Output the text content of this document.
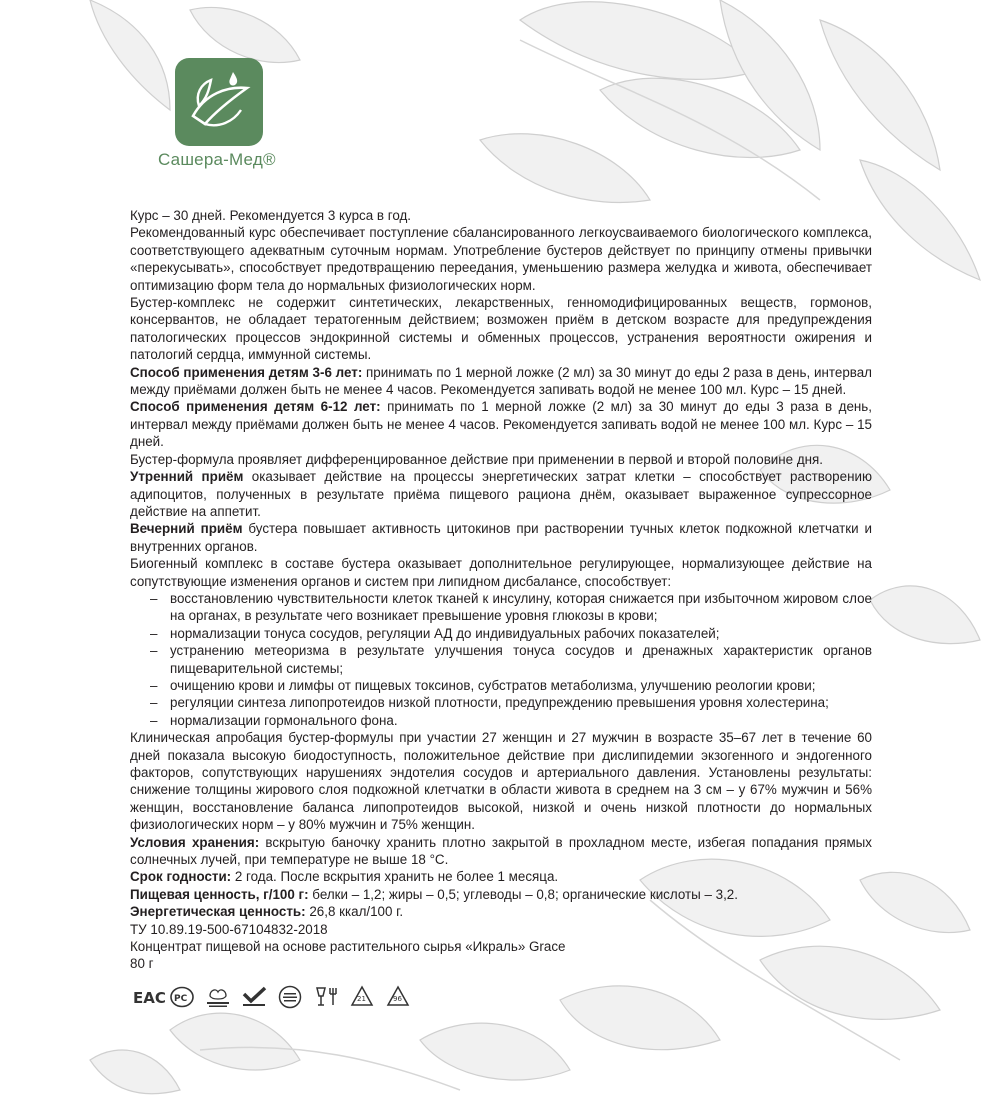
Сашера-Мед®

Курс – 30 дней. Рекомендуется 3 курса в год.

Рекомендованный курс обеспечивает поступление сбалансированного легкоусваиваемого биологического комплекса, соответствующего адекватным суточным нормам. Употребление бустеров действует по принципу отмены привычки «перекусывать», способствует предотвращению переедания, уменьшению размера желудка и живота, обеспечивает оптимизацию форм тела до нормальных физиологических норм.

Бустер-комплекс не содержит синтетических, лекарственных, генномодифицированных веществ, гормонов, консервантов, не обладает тератогенным действием; возможен приём в детском возрасте для предупреждения патологических процессов эндокринной системы и обменных процессов, устранения вероятности ожирения и патологий сердца, иммунной системы.

Способ применения детям 3-6 лет: принимать по 1 мерной ложке (2 мл) за 30 минут до еды 2 раза в день, интервал между приёмами должен быть не менее 4 часов. Рекомендуется запивать водой не менее 100 мл. Курс – 15 дней.

Способ применения детям 6-12 лет: принимать по 1 мерной ложке (2 мл) за 30 минут до еды 3 раза в день, интервал между приёмами должен быть не менее 4 часов. Рекомендуется запивать водой не менее 100 мл. Курс – 15 дней.

Бустер-формула проявляет дифференцированное действие при применении в первой и второй половине дня.

Утренний приём оказывает действие на процессы энергетических затрат клетки – способствует растворению адипоцитов, полученных в результате приёма пищевого рациона днём, оказывает выраженное супрессорное действие на аппетит.

Вечерний приём бустера повышает активность цитокинов при растворении тучных клеток подкожной клетчатки и внутренних органов.

Биогенный комплекс в составе бустера оказывает дополнительное регулирующее, нормализующее действие на сопутствующие изменения органов и систем при липидном дисбалансе, способствует:

– восстановлению чувствительности клеток тканей к инсулину, которая снижается при избыточном жировом слое на органах, в результате чего возникает превышение уровня глюкозы в крови;
– нормализации тонуса сосудов, регуляции АД до индивидуальных рабочих показателей;
– устранению метеоризма в результате улучшения тонуса сосудов и дренажных характеристик органов пищеварительной системы;
– очищению крови и лимфы от пищевых токсинов, субстратов метаболизма, улучшению реологии крови;
– регуляции синтеза липопротеидов низкой плотности, предупреждению превышения уровня холестерина;
– нормализации гормонального фона.

Клиническая апробация бустер-формулы при участии 27 женщин и 27 мужчин в возрасте 35–67 лет в течение 60 дней показала высокую биодоступность, положительное действие при дислипидемии экзогенного и эндогенного факторов, сопутствующих нарушениях эндотелия сосудов и артериального давления. Установлены результаты: снижение толщины жирового слоя подкожной клетчатки в области живота в среднем на 3 см – у 67% мужчин и 56% женщин, восстановление баланса липопротеидов высокой, низкой и очень низкой плотности до нормальных физиологических норм – у 80% мужчин и 75% женщин.

Условия хранения: вскрытую баночку хранить плотно закрытой в прохладном месте, избегая попадания прямых солнечных лучей, при температуре не выше 18 °С.

Срок годности: 2 года. После вскрытия хранить не более 1 месяца.

Пищевая ценность, г/100 г: белки – 1,2; жиры – 0,5; углеводы – 0,8; органические кислоты – 3,2.

Энергетическая ценность: 26,8 ккал/100 г.

ТУ 10.89.19-500-67104832-2018

Концентрат пищевой на основе растительного сырья «Икраль» Grace

80 г

EAC PC	21	96
